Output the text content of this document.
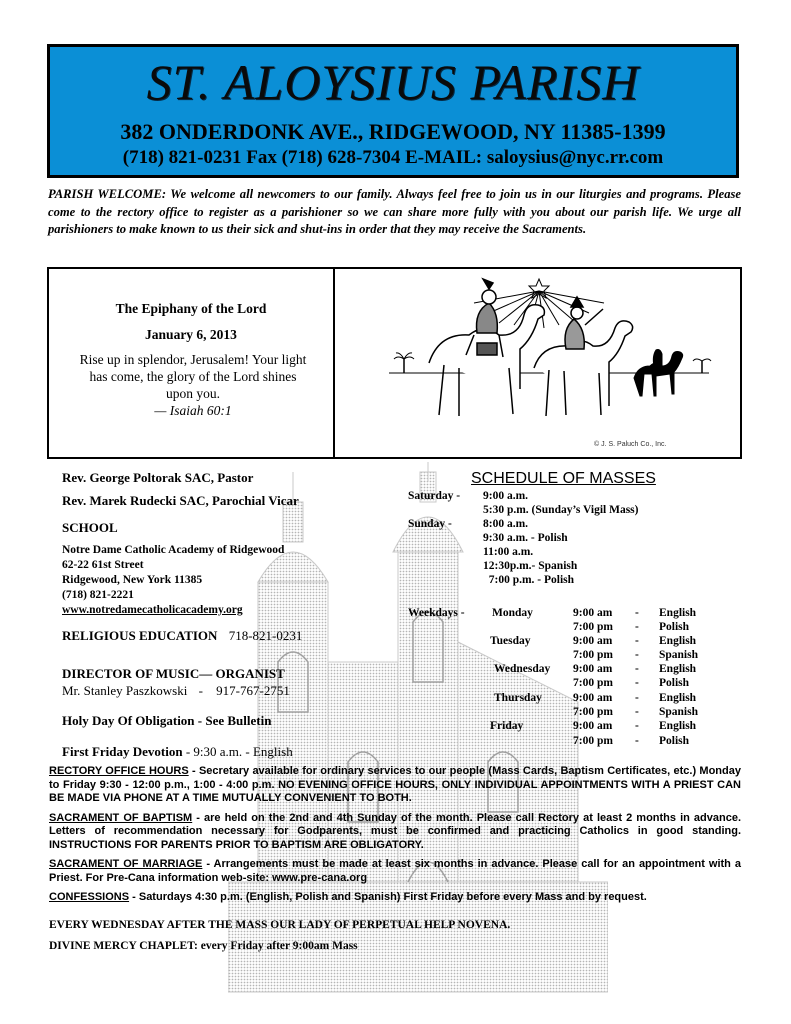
ST. ALOYSIUS PARISH
382 ONDERDONK AVE., RIDGEWOOD, NY 11385-1399
(718) 821-0231 Fax (718) 628-7304 E-MAIL: saloysius@nyc.rr.com
PARISH WELCOME: We welcome all newcomers to our family. Always feel free to join us in our liturgies and programs. Please come to the rectory office to register as a parishioner so we can share more fully with you about our parish life. We urge all parishioners to make known to us their sick and shut-ins in order that they may receive the Sacraments.
The Epiphany of the Lord
January 6, 2013
Rise up in splendor, Jerusalem! Your light has come, the glory of the Lord shines upon you.
— Isaiah 60:1
© J. S. Paluch Co., Inc.
Rev. George Poltorak SAC, Pastor
Rev. Marek Rudecki SAC, Parochial Vicar
SCHOOL
Notre Dame Catholic Academy of Ridgewood
62-22 61st Street
Ridgewood, New York 11385
(718) 821-2221
www.notredamecatholicacademy.org
RELIGIOUS EDUCATION 718-821-0231
DIRECTOR OF MUSIC— ORGANIST
Mr. Stanley Paszkowski - 917-767-2751
Holy Day Of Obligation - See Bulletin
First Friday Devotion - 9:30 a.m. - English
SCHEDULE OF MASSES
Saturday - 9:00 a.m.
5:30 p.m. (Sunday’s Vigil Mass)
Sunday -	8:00 a.m.
9:30 a.m. - Polish
11:00 a.m.
12:30p.m.- Spanish
7:00 p.m. - Polish
Weekdays - Monday	9:00 am - English
7:00 pm - Polish
Tuesday	9:00 am - English
7:00 pm - Spanish
Wednesday 9:00 am - English
7:00 pm - Polish
Thursday	9:00 am - English
7:00 pm - Spanish
Friday	9:00 am - English
7:00 pm - Polish

RECTORY OFFICE HOURS - Secretary available for ordinary services to our people (Mass Cards, Baptism Certificates, etc.) Monday to Friday 9:30 - 12:00 p.m., 1:00 - 4:00 p.m. NO EVENING OFFICE HOURS, ONLY INDIVIDUAL APPOINTMENTS WITH A PRIEST CAN BE MADE VIA PHONE AT A TIME MUTUALLY CONVENIENT TO BOTH.

SACRAMENT OF BAPTISM - are held on the 2nd and 4th Sunday of the month. Please call Rectory at least 2 months in advance. Letters of recommendation necessary for Godparents, must be confirmed and practicing Catholics in good standing. INSTRUCTIONS FOR PARENTS PRIOR TO BAPTISM ARE OBLIGATORY.

SACRAMENT OF MARRIAGE - Arrangements must be made at least six months in advance. Please call for an appointment with a Priest. For Pre-Cana information web-site: www.pre-cana.org

CONFESSIONS - Saturdays 4:30 p.m. (English, Polish and Spanish) First Friday before every Mass and by request.

EVERY WEDNESDAY AFTER THE MASS OUR LADY OF PERPETUAL HELP NOVENA.

DIVINE MERCY CHAPLET: every Friday after 9:00am Mass
